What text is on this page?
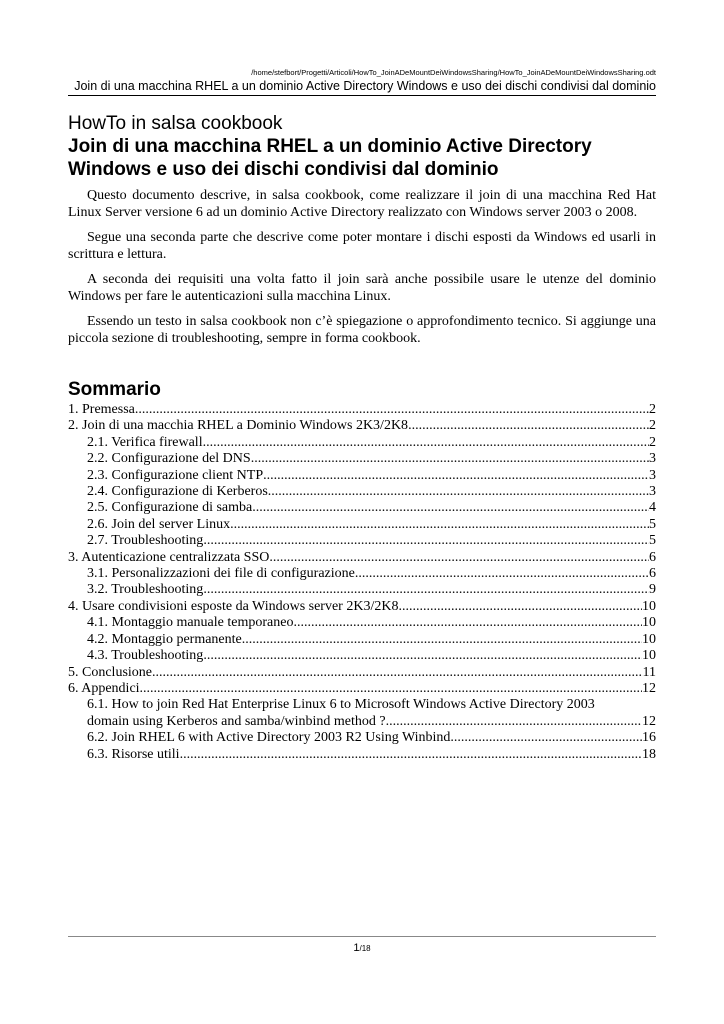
/home/stefbort/Progetti/Articoli/HowTo_JoinADeMountDeiWindowsSharing/HowTo_JoinADeMountDeiWindowsSharing.odt
Join di una macchina RHEL a un dominio Active Directory Windows e uso dei dischi condivisi dal dominio

HowTo in salsa cookbook

Join di una macchina RHEL a un dominio Active Directory
Windows e uso dei dischi condivisi dal dominio

Questo documento descrive, in salsa cookbook, come realizzare il join di una macchina Red Hat Linux Server versione 6 ad un dominio Active Directory realizzato con Windows server 2003 o 2008.

Segue una seconda parte che descrive come poter montare i dischi esposti da Windows ed usarli in scrittura e lettura.

A seconda dei requisiti una volta fatto il join sarà anche possibile usare le utenze del dominio Windows per fare le autenticazioni sulla macchina Linux.

Essendo un testo in salsa cookbook non c’è spiegazione o approfondimento tecnico. Si aggiunge una piccola sezione di troubleshooting, sempre in forma cookbook.

Sommario
1. Premessa .....	2
2. Join di una macchia RHEL a Dominio Windows 2K3/2K8 .....	2
2.1. Verifica firewall .....	2
2.2. Configurazione del DNS .....	3
2.3. Configurazione client NTP .....	3
2.4. Configurazione di Kerberos .....	3
2.5. Configurazione di samba .....	4
2.6. Join del server Linux .....	5
2.7. Troubleshooting .....	5
3. Autenticazione centralizzata SSO .....	6
3.1. Personalizzazioni dei file di configurazione .....	6
3.2. Troubleshooting .....	9
4. Usare condivisioni esposte da Windows server 2K3/2K8 .....	10
4.1. Montaggio manuale temporaneo .....	10
4.2. Montaggio permanente .....	10
4.3. Troubleshooting .....	10
5. Conclusione .....	11
6. Appendici .....	12
6.1. How to join Red Hat Enterprise Linux 6 to Microsoft Windows Active Directory 2003
domain using Kerberos and samba/winbind method ? .....	12
6.2. Join RHEL 6 with Active Directory 2003 R2 Using Winbind .....	16
6.3. Risorse utili .....	18
1/18
